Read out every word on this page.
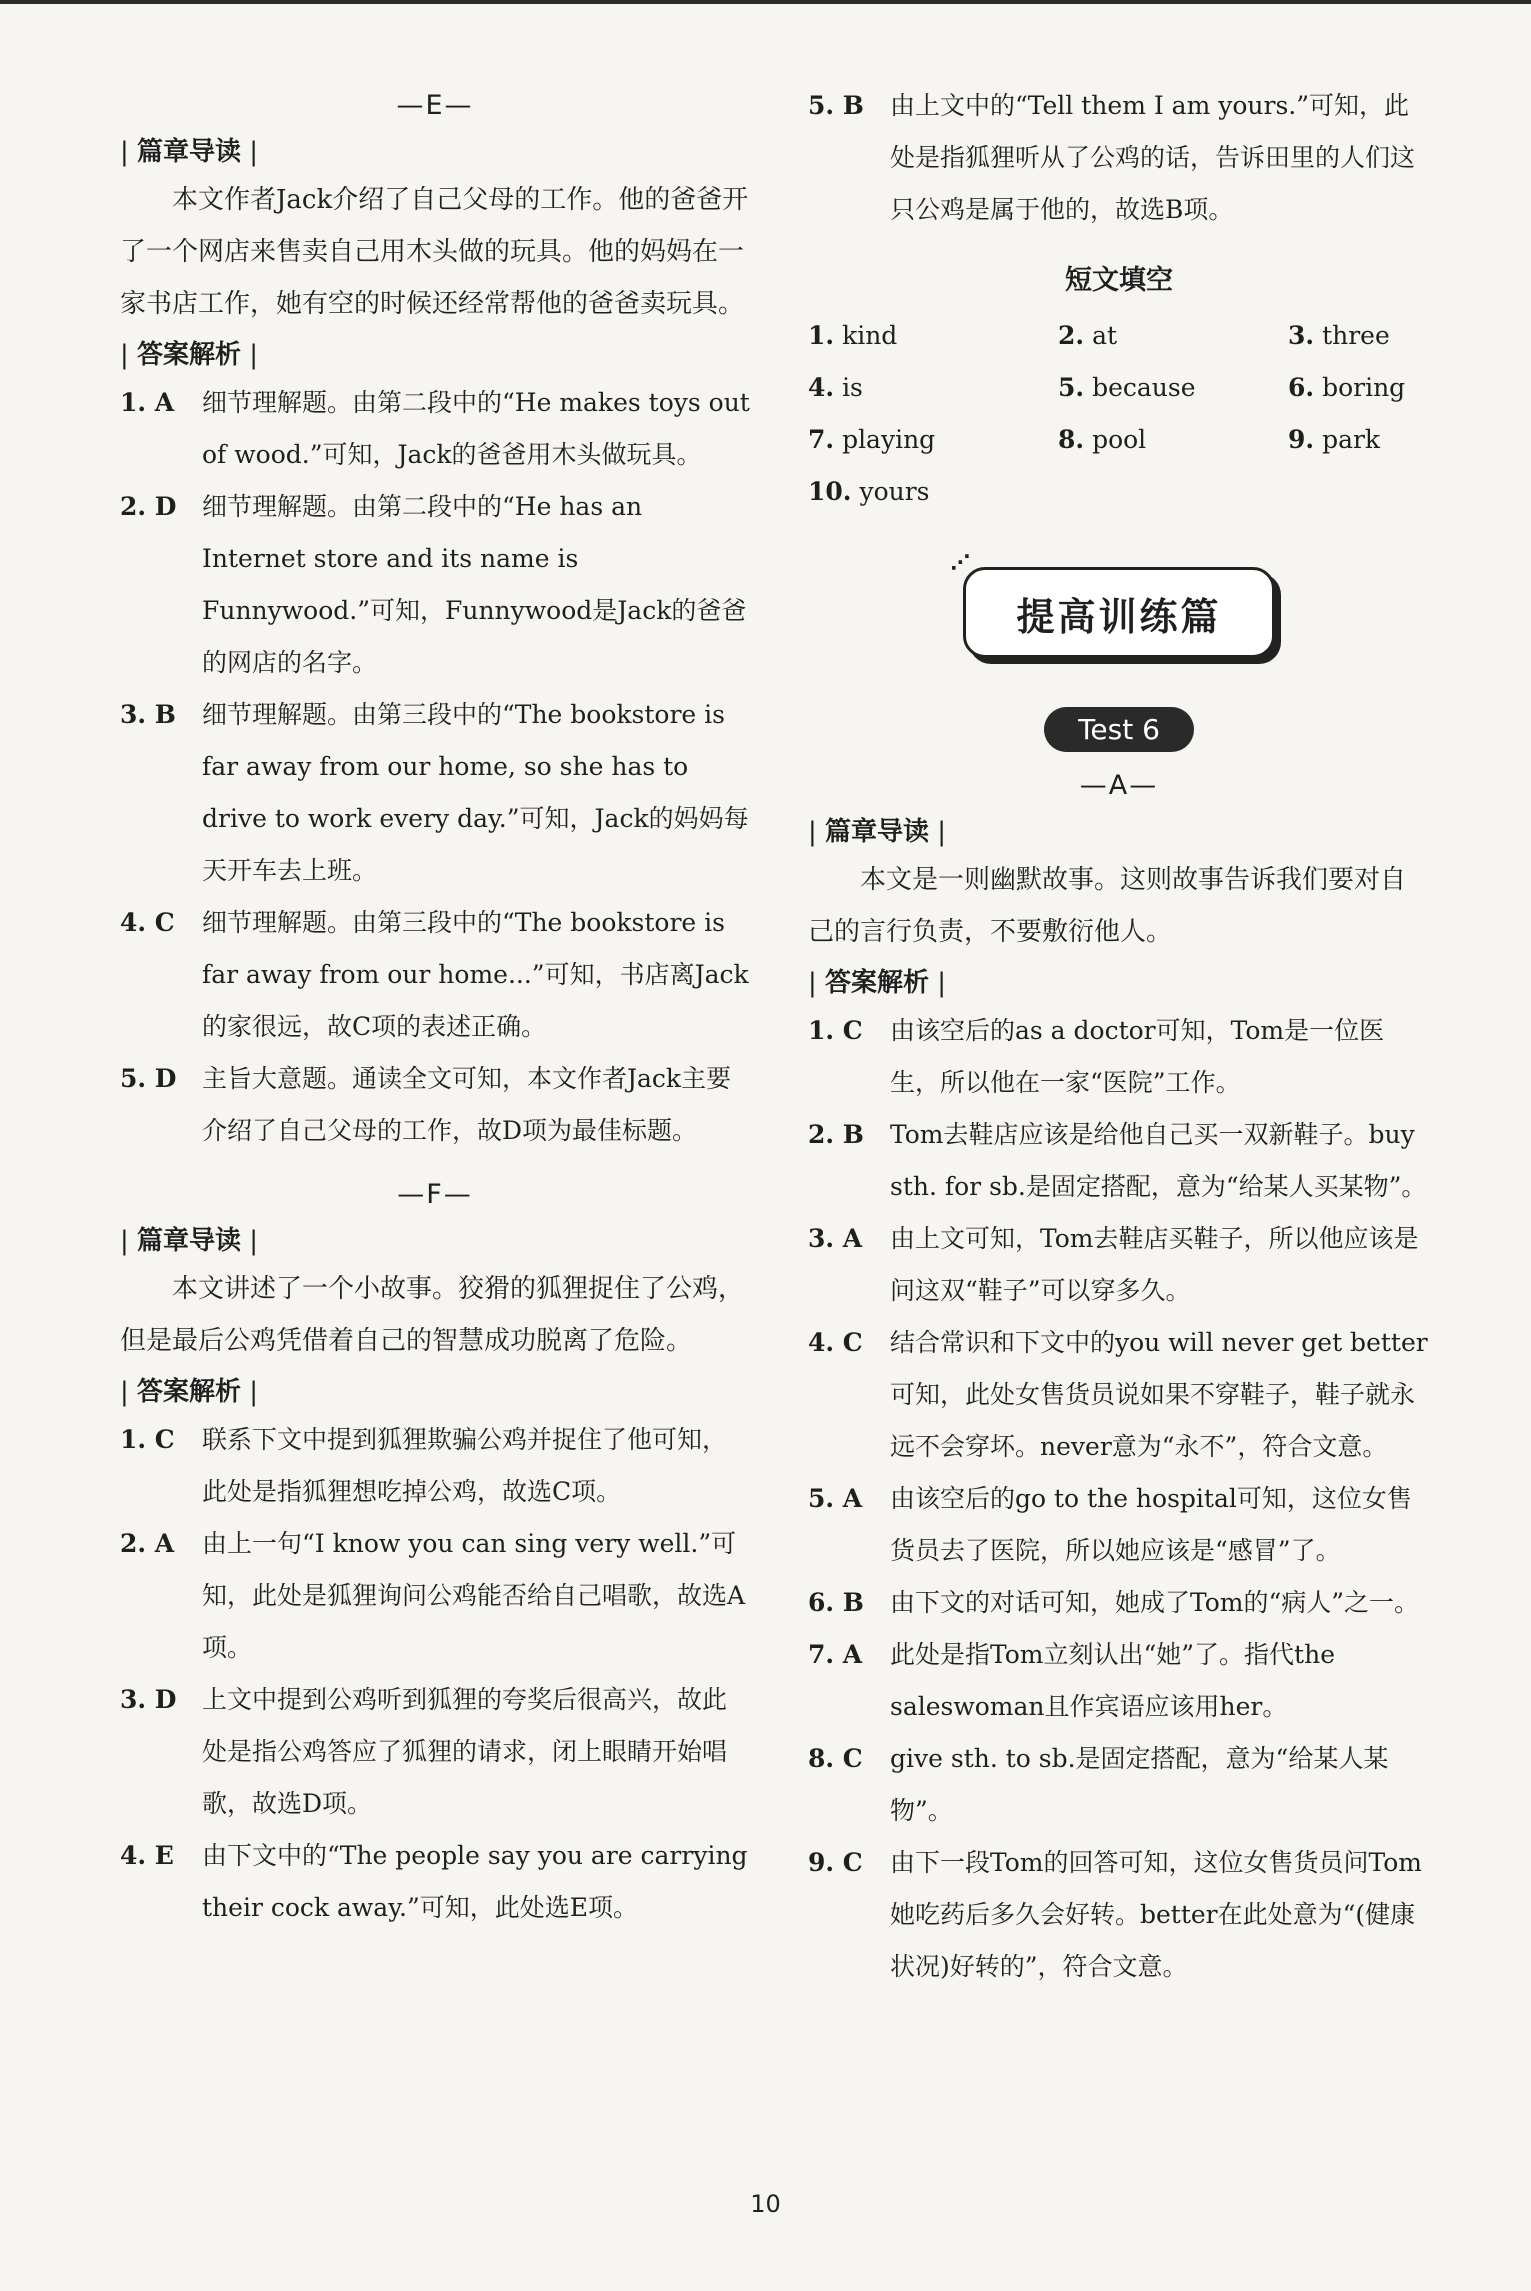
—E—
| 篇章导读 |

本文作者Jack介绍了自己父母的工作。他的爸爸开了一个网店来售卖自己用木头做的玩具。他的妈妈在一家书店工作，她有空的时候还经常帮他的爸爸卖玩具。

| 答案解析 |
1. A	细节理解题。由第二段中的“He makes toys out of wood.”可知，Jack的爸爸用木头做玩具。
2. D	细节理解题。由第二段中的“He has an Internet store and its name is Funnywood.”可知，Funnywood是Jack的爸爸的网店的名字。
3. B	细节理解题。由第三段中的“The bookstore is far away from our home, so she has to drive to work every day.”可知，Jack的妈妈每天开车去上班。
4. C	细节理解题。由第三段中的“The bookstore is far away from our home...”可知，书店离Jack的家很远，故C项的表述正确。
5. D	主旨大意题。通读全文可知，本文作者Jack主要介绍了自己父母的工作，故D项为最佳标题。
—F—
| 篇章导读 |

本文讲述了一个小故事。狡猾的狐狸捉住了公鸡，但是最后公鸡凭借着自己的智慧成功脱离了危险。

| 答案解析 |
1. C	联系下文中提到狐狸欺骗公鸡并捉住了他可知，此处是指狐狸想吃掉公鸡，故选C项。
2. A	由上一句“I know you can sing very well.”可知，此处是狐狸询问公鸡能否给自己唱歌，故选A项。
3. D	上文中提到公鸡听到狐狸的夸奖后很高兴，故此处是指公鸡答应了狐狸的请求，闭上眼睛开始唱歌，故选D项。
4. E	由下文中的“The people say you are carrying their cock away.”可知，此处选E项。
5. B	由上文中的“Tell them I am yours.”可知，此处是指狐狸听从了公鸡的话，告诉田里的人们这只公鸡是属于他的，故选B项。
短文填空
1. kind	2. at	3. three
4. is	5. because	6. boring
7. playing	8. pool	9. park
10. yours
⋰
提高训练篇
Test 6
—A—
| 篇章导读 |

本文是一则幽默故事。这则故事告诉我们要对自己的言行负责，不要敷衍他人。

| 答案解析 |
1. C	由该空后的as a doctor可知，Tom是一位医生，所以他在一家“医院”工作。
2. B	Tom去鞋店应该是给他自己买一双新鞋子。buy sth. for sb.是固定搭配，意为“给某人买某物”。
3. A	由上文可知，Tom去鞋店买鞋子，所以他应该是问这双“鞋子”可以穿多久。
4. C	结合常识和下文中的you will never get better可知，此处女售货员说如果不穿鞋子，鞋子就永远不会穿坏。never意为“永不”，符合文意。
5. A	由该空后的go to the hospital可知，这位女售货员去了医院，所以她应该是“感冒”了。
6. B	由下文的对话可知，她成了Tom的“病人”之一。
7. A	此处是指Tom立刻认出“她”了。指代the saleswoman且作宾语应该用her。
8. C	give sth. to sb.是固定搭配，意为“给某人某物”。
9. C	由下一段Tom的回答可知，这位女售货员问Tom她吃药后多久会好转。better在此处意为“(健康状况)好转的”，符合文意。
10
